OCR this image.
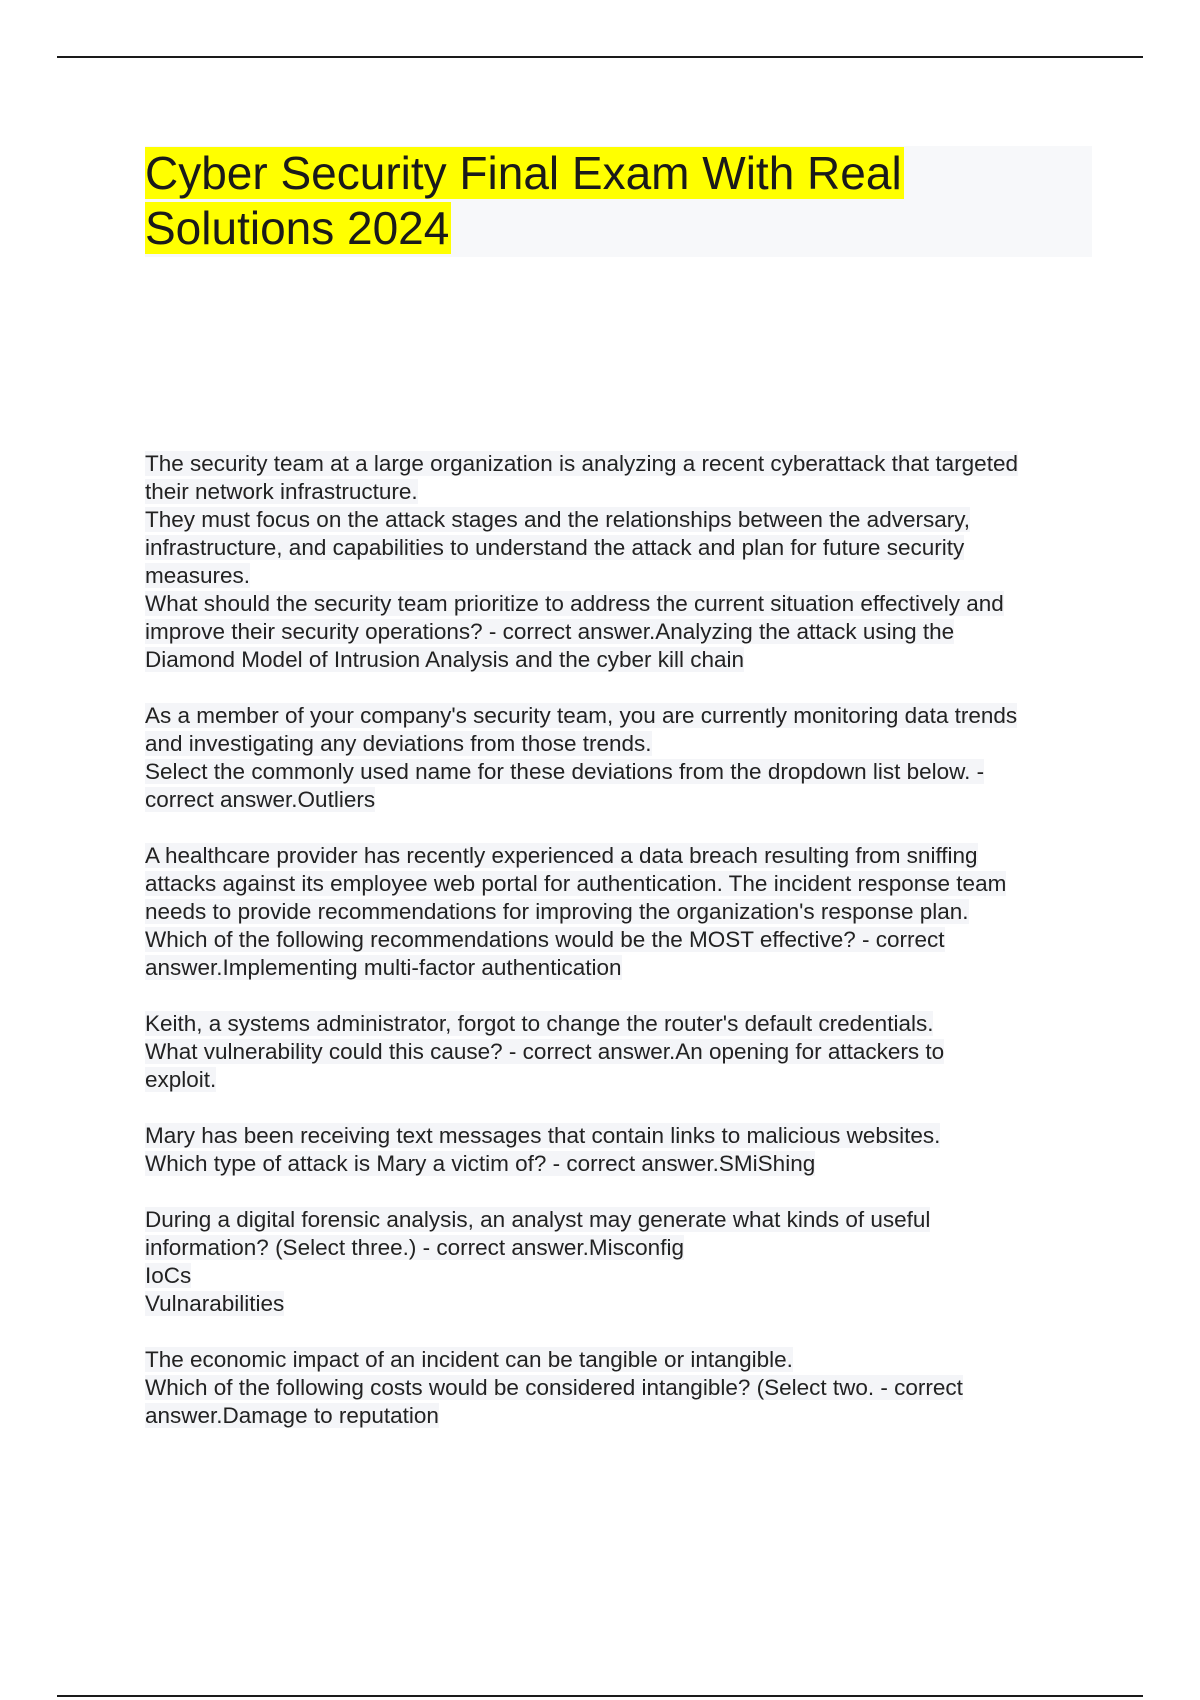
Cyber Security Final Exam With Real
Solutions 2024
The security team at a large organization is analyzing a recent cyberattack that targeted
their network infrastructure.
They must focus on the attack stages and the relationships between the adversary,
infrastructure, and capabilities to understand the attack and plan for future security
measures.
What should the security team prioritize to address the current situation effectively and
improve their security operations? - correct answer.Analyzing the attack using the
Diamond Model of Intrusion Analysis and the cyber kill chain
As a member of your company's security team, you are currently monitoring data trends
and investigating any deviations from those trends.
Select the commonly used name for these deviations from the dropdown list below. -
correct answer.Outliers
A healthcare provider has recently experienced a data breach resulting from sniffing
attacks against its employee web portal for authentication. The incident response team
needs to provide recommendations for improving the organization's response plan.
Which of the following recommendations would be the MOST effective? - correct
answer.Implementing multi-factor authentication
Keith, a systems administrator, forgot to change the router's default credentials.
What vulnerability could this cause? - correct answer.An opening for attackers to
exploit.
Mary has been receiving text messages that contain links to malicious websites.
Which type of attack is Mary a victim of? - correct answer.SMiShing
During a digital forensic analysis, an analyst may generate what kinds of useful
information? (Select three.) - correct answer.Misconfig
IoCs
Vulnarabilities
The economic impact of an incident can be tangible or intangible.
Which of the following costs would be considered intangible? (Select two. - correct
answer.Damage to reputation
